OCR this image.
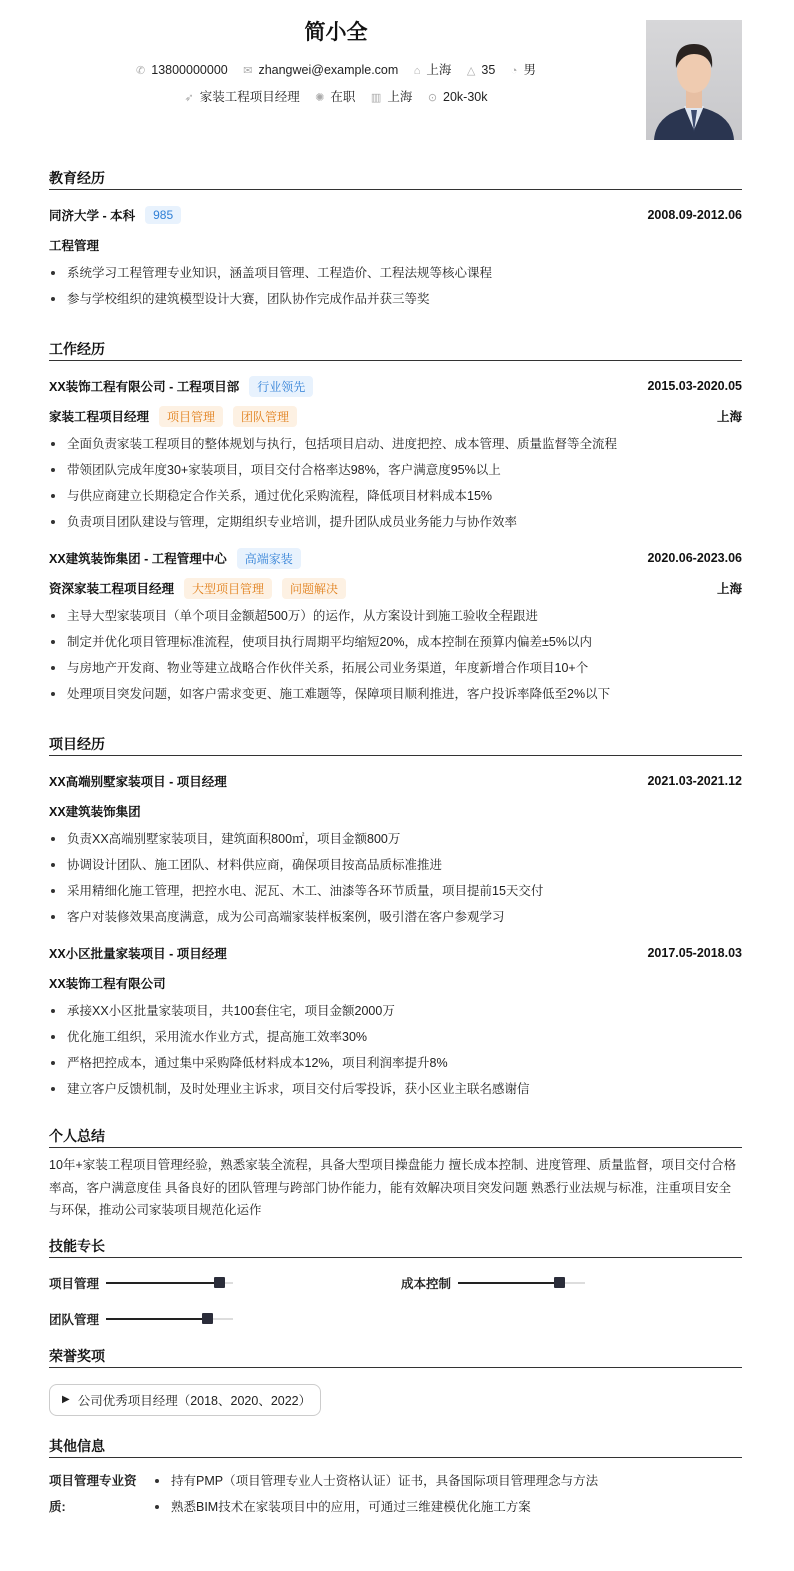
简小全
✆ 13800000000 ✉ zhangwei@example.com ⌂ 上海 △ 35 ◔ 男
➶ 家装工程项目经理 ✺ 在职 ▥ 上海 ⊙ 20k-30k
教育经历
同济大学 - 本科	985	2008.09-2012.06
工程管理
系统学习工程管理专业知识，涵盖项目管理、工程造价、工程法规等核心课程
参与学校组织的建筑模型设计大赛，团队协作完成作品并获三等奖
工作经历
XX装饰工程有限公司 - 工程项目部	行业领先	2015.03-2020.05
家装工程项目经理	项目管理	团队管理	上海
全面负责家装工程项目的整体规划与执行，包括项目启动、进度把控、成本管理、质量监督等全流程
带领团队完成年度30+家装项目，项目交付合格率达98%，客户满意度95%以上
与供应商建立长期稳定合作关系，通过优化采购流程，降低项目材料成本15%
负责项目团队建设与管理，定期组织专业培训，提升团队成员业务能力与协作效率
XX建筑装饰集团 - 工程管理中心	高端家装	2020.06-2023.06
资深家装工程项目经理	大型项目管理	问题解决	上海
主导大型家装项目（单个项目金额超500万）的运作，从方案设计到施工验收全程跟进
制定并优化项目管理标准流程，使项目执行周期平均缩短20%，成本控制在预算内偏差±5%以内
与房地产开发商、物业等建立战略合作伙伴关系，拓展公司业务渠道，年度新增合作项目10+个
处理项目突发问题，如客户需求变更、施工难题等，保障项目顺利推进，客户投诉率降低至2%以下
项目经历
XX高端别墅家装项目 - 项目经理	2021.03-2021.12
XX建筑装饰集团
负责XX高端别墅家装项目，建筑面积800㎡，项目金额800万
协调设计团队、施工团队、材料供应商，确保项目按高品质标准推进
采用精细化施工管理，把控水电、泥瓦、木工、油漆等各环节质量，项目提前15天交付
客户对装修效果高度满意，成为公司高端家装样板案例，吸引潜在客户参观学习
XX小区批量家装项目 - 项目经理	2017.05-2018.03
XX装饰工程有限公司
承接XX小区批量家装项目，共100套住宅，项目金额2000万
优化施工组织，采用流水作业方式，提高施工效率30%
严格把控成本，通过集中采购降低材料成本12%，项目利润率提升8%
建立客户反馈机制，及时处理业主诉求，项目交付后零投诉，获小区业主联名感谢信
个人总结
10年+家装工程项目管理经验，熟悉家装全流程，具备大型项目操盘能力 擅长成本控制、进度管理、质量监督，项目交付合格率高，客户满意度佳 具备良好的团队管理与跨部门协作能力，能有效解决项目突发问题 熟悉行业法规与标准，注重项目安全与环保，推动公司家装项目规范化运作
技能专长
项目管理	成本控制
团队管理
荣誉奖项
▶ 公司优秀项目经理（2018、2020、2022）
其他信息
项目管理专业资质:
持有PMP（项目管理专业人士资格认证）证书，具备国际项目管理理念与方法
熟悉BIM技术在家装项目中的应用，可通过三维建模优化施工方案
